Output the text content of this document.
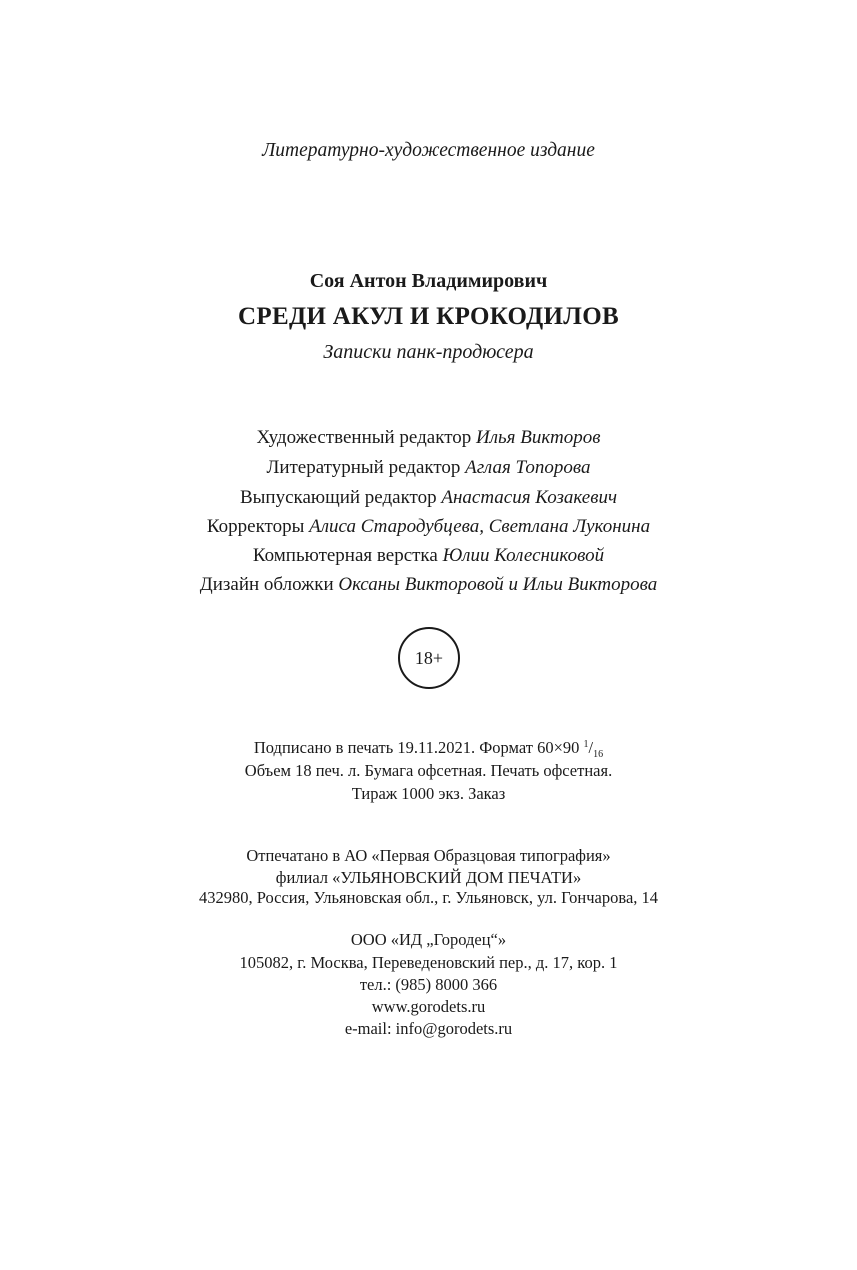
Литературно-художественное издание
Соя Антон Владимирович
СРЕДИ АКУЛ И КРОКОДИЛОВ
Записки панк-продюсера
Художественный редактор Илья Викторов
Литературный редактор Аглая Топорова
Выпускающий редактор Анастасия Козакевич
Корректоры Алиса Стародубцева, Светлана Луконина
Компьютерная верстка Юлии Колесниковой
Дизайн обложки Оксаны Викторовой и Ильи Викторова
18+
Подписано в печать 19.11.2021. Формат 60×90 $^1/_{16}$
Объем 18 печ. л. Бумага офсетная. Печать офсетная.
Тираж 1000 экз. Заказ
Отпечатано в АО «Первая Образцовая типография»
филиал «УЛЬЯНОВСКИЙ ДОМ ПЕЧАТИ»
432980, Россия, Ульяновская обл., г. Ульяновск, ул. Гончарова, 14
ООО «ИД „Городец“»
105082, г. Москва, Переведеновский пер., д. 17, кор. 1
тел.: (985) 8000 366
www.gorodets.ru
e-mail: info@gorodets.ru
